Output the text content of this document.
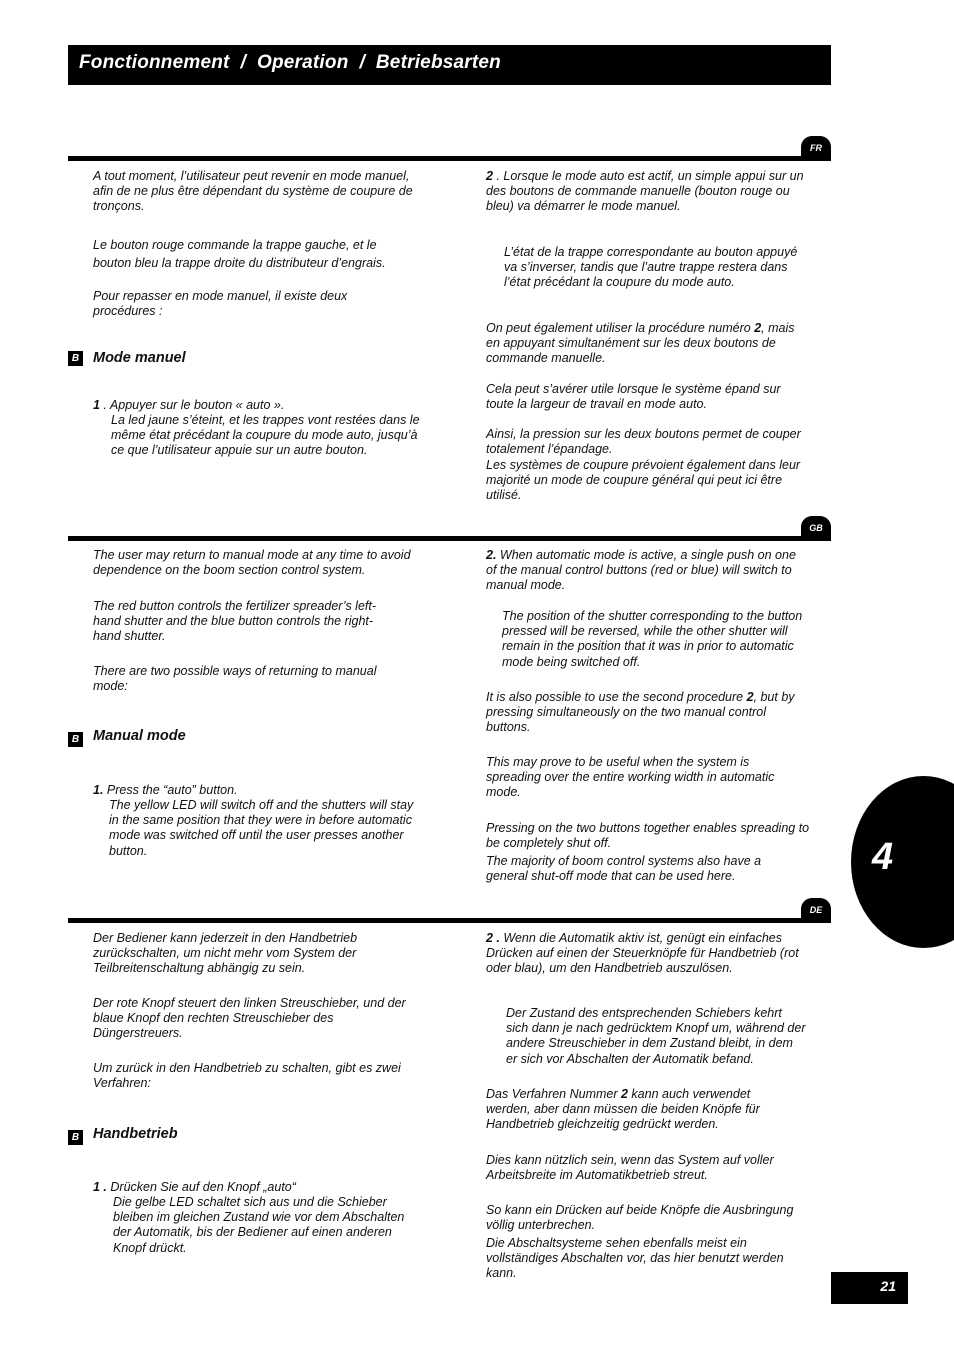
Fonctionnement  /  Operation  /  Betriebsarten
FR

A tout moment, l’utilisateur peut revenir en mode manuel, afin de ne plus être dépendant du système de coupure de tronçons.

Le bouton rouge commande la trappe gauche, et le bouton bleu la trappe droite du distributeur d’engrais.

Pour repasser en mode manuel, il existe deux procédures :

B Mode manuel

1 . Appuyer sur le bouton « auto ».

La led jaune s’éteint, et les trappes vont restées dans le même état précédant la coupure du mode auto, jusqu’à ce que l’utilisateur appuie sur un autre bouton.

2 . Lorsque le mode auto est actif, un simple appui sur un des boutons de commande manuelle (bouton rouge ou bleu) va démarrer le mode manuel.

L’état de la trappe correspondante au bouton appuyé va s’inverser, tandis que l’autre trappe restera dans l’état précédant la coupure du mode auto.

On peut également utiliser la procédure numéro 2, mais en appuyant simultanément sur les deux boutons de commande manuelle.

Cela peut s’avérer utile lorsque le système épand sur toute la largeur de travail en mode auto.

Ainsi, la pression sur les deux boutons permet de couper totalement l’épandage.

Les systèmes de coupure prévoient également dans leur majorité un mode de coupure général qui peut ici être utilisé.

GB

The user may return to manual mode at any time to avoid dependence on the boom section control system.

The red button controls the fertilizer spreader’s left-hand shutter and the blue button controls the right-hand shutter.

There are two possible ways of returning to manual mode:

B Manual mode

1. Press the “auto” button.

The yellow LED will switch off and the shutters will stay in the same position that they were in before automatic mode was switched off until the user presses another button.

2. When automatic mode is active, a single push on one of the manual control buttons (red or blue) will switch to manual mode.

The position of the shutter corresponding to the button pressed will be reversed, while the other shutter will remain in the position that it was in prior to automatic mode being switched off.

It is also possible to use the second procedure 2, but by pressing simultaneously on the two manual control buttons.

This may prove to be useful when the system is spreading over the entire working width in automatic mode.

Pressing on the two buttons together enables spreading to be completely shut off.

The majority of boom control systems also have a general shut-off mode that can be used here.

DE

Der Bediener kann jederzeit in den Handbetrieb zurückschalten, um nicht mehr vom System der Teilbreitenschaltung abhängig zu sein.

Der rote Knopf steuert den linken Streuschieber, und der blaue Knopf den rechten Streuschieber des Düngerstreuers.

Um zurück in den Handbetrieb zu schalten, gibt es zwei Verfahren:

B Handbetrieb

1 . Drücken Sie auf den Knopf „auto“

Die gelbe LED schaltet sich aus und die Schieber bleiben im gleichen Zustand wie vor dem Abschalten der Automatik, bis der Bediener auf einen anderen Knopf drückt.

2 . Wenn die Automatik aktiv ist, genügt ein einfaches Drücken auf einen der Steuerknöpfe für Handbetrieb (rot oder blau), um den Handbetrieb auszulösen.

Der Zustand des entsprechenden Schiebers kehrt sich dann je nach gedrücktem Knopf um, während der andere Streuschieber in dem Zustand bleibt, in dem er sich vor Abschalten der Automatik befand.

Das Verfahren Nummer 2 kann auch verwendet werden, aber dann müssen die beiden Knöpfe für Handbetrieb gleichzeitig gedrückt werden.

Dies kann nützlich sein, wenn das System auf voller Arbeitsbreite im Automatikbetrieb streut.

So kann ein Drücken auf beide Knöpfe die Ausbringung völlig unterbrechen.

Die Abschaltsysteme sehen ebenfalls meist ein vollständiges Abschalten vor, das hier benutzt werden kann.

4
21
